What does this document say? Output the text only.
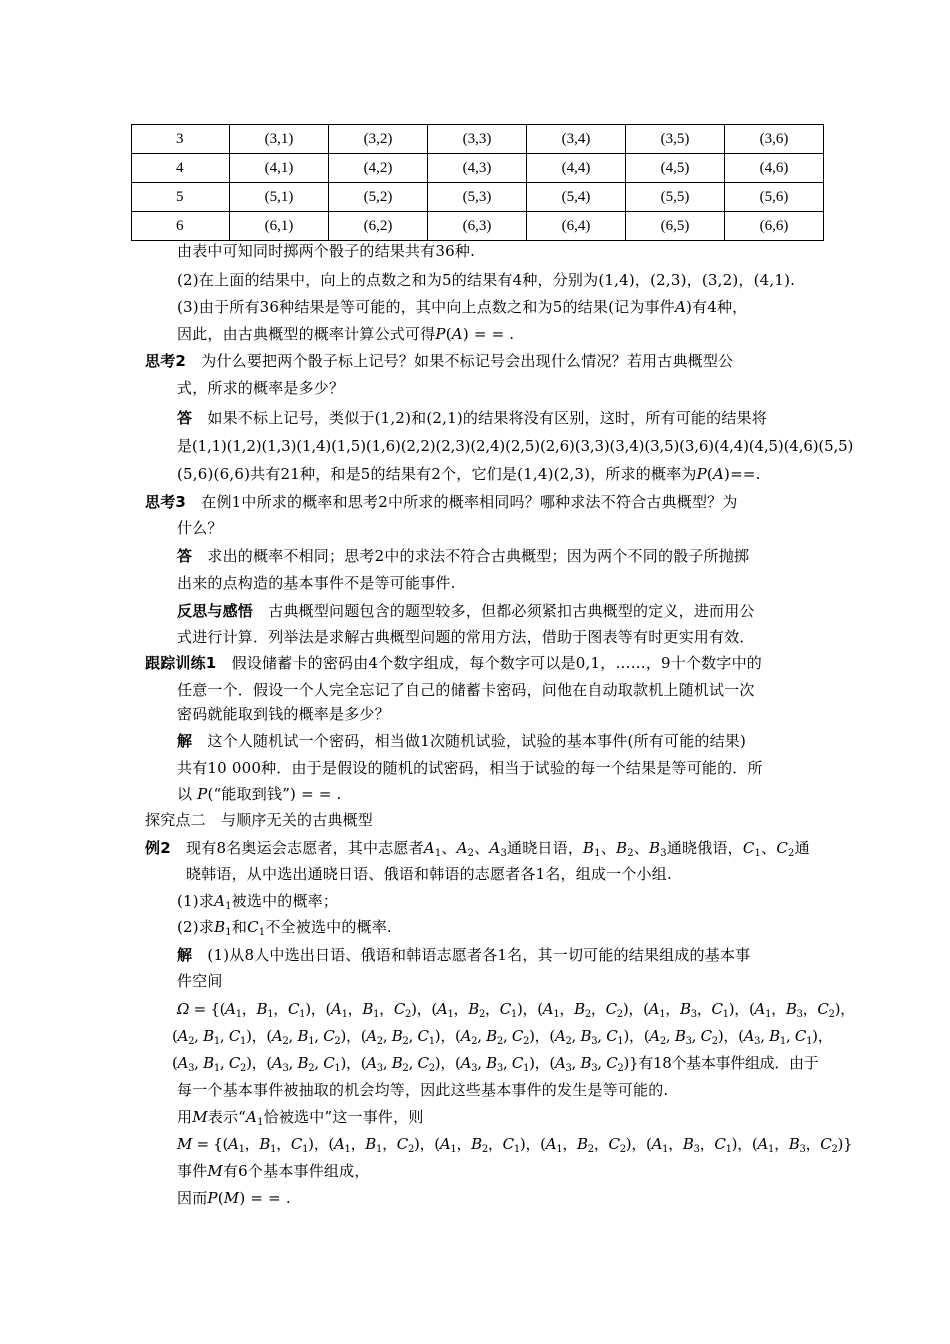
3	(3,1)	(3,2)	(3,3)	(3,4)	(3,5)	(3,6)
4	(4,1)	(4,2)	(4,3)	(4,4)	(4,5)	(4,6)
5	(5,1)	(5,2)	(5,3)	(5,4)	(5,5)	(5,6)
6	(6,1)	(6,2)	(6,3)	(6,4)	(6,5)	(6,6)
由表中可知同时掷两个骰子的结果共有36种.
(2)在上面的结果中，向上的点数之和为5的结果有4种，分别为(1,4)，(2,3)，(3,2)，(4,1).
(3)由于所有36种结果是等可能的，其中向上点数之和为5的结果(记为事件A)有4种，
因此，由古典概型的概率计算公式可得P(A) = = .
思考2　 为什么要把两个骰子标上记号？如果不标记号会出现什么情况？若用古典概型公
式，所求的概率是多少？
答　 如果不标上记号，类似于(1,2)和(2,1)的结果将没有区别，这时，所有可能的结果将
是(1,1)(1,2)(1,3)(1,4)(1,5)(1,6)(2,2)(2,3)(2,4)(2,5)(2,6)(3,3)(3,4)(3,5)(3,6)(4,4)(4,5)(4,6)(5,5)
(5,6)(6,6)共有21种，和是5的结果有2个，它们是(1,4)(2,3)，所求的概率为P(A)==.
思考3　 在例1中所求的概率和思考2中所求的概率相同吗？哪种求法不符合古典概型？为
什么？
答　 求出的概率不相同；思考2中的求法不符合古典概型；因为两个不同的骰子所抛掷
出来的点构造的基本事件不是等可能事件.
反思与感悟　 古典概型问题包含的题型较多，但都必须紧扣古典概型的定义，进而用公
式进行计算．列举法是求解古典概型问题的常用方法，借助于图表等有时更实用有效．
跟踪训练1　 假设储蓄卡的密码由4个数字组成，每个数字可以是0,1，……，9十个数字中的
任意一个．假设一个人完全忘记了自己的储蓄卡密码，问他在自动取款机上随机试一次
密码就能取到钱的概率是多少？
解　 这个人随机试一个密码，相当做1次随机试验，试验的基本事件(所有可能的结果)
共有10 000种．由于是假设的随机的试密码，相当于试验的每一个结果是等可能的．所
以 P(“能取到钱”) = = .
探究点二　与顺序无关的古典概型
例2　 现有8名奥运会志愿者，其中志愿者$A_1$、$A_2$、$A_3$通晓日语，$B_1$、$B_2$、$B_3$通晓俄语，$C_1$、$C_2$通
晓韩语，从中选出通晓日语、俄语和韩语的志愿者各1名，组成一个小组.
(1)求$A_1$被选中的概率；
(2)求$B_1$和$C_1$不全被选中的概率.
解　 (1)从8人中选出日语、俄语和韩语志愿者各1名，其一切可能的结果组成的基本事
件空间
$\Omega = \{(A_1$，$B_1$，$C_1$)，($A_1$，$B_1$，$C_2$)，($A_1$，$B_2$，$C_1$)，($A_1$，$B_2$，$C_2$)，($A_1$，$B_3$，$C_1$)，($A_1$，$B_3$，$C_2$)，
($A_2$, $B_1$, $C_1$)，($A_2$, $B_1$, $C_2$)，($A_2$, $B_2$, $C_1$)，($A_2$, $B_2$, $C_2$)，($A_2$, $B_3$, $C_1$)，($A_2$, $B_3$, $C_2$)，($A_3$, $B_1$, $C_1$)，
($A_3$, $B_1$, $C_2$)，($A_3$, $B_2$, $C_1$)，($A_3$, $B_2$, $C_2$)，($A_3$, $B_3$, $C_1$)，($A_3$, $B_3$, $C_2$)}有18个基本事件组成．由于
每一个基本事件被抽取的机会均等，因此这些基本事件的发生是等可能的.
用M表示“$A_1$恰被选中”这一事件，则
$M = \{(A_1$，$B_1$，$C_1$)，($A_1$，$B_1$，$C_2$)，($A_1$，$B_2$，$C_1$)，($A_1$，$B_2$，$C_2$)，($A_1$，$B_3$，$C_1$)，($A_1$，$B_3$，$C_2$)}
事件M有6个基本事件组成，
因而P(M) = = .
